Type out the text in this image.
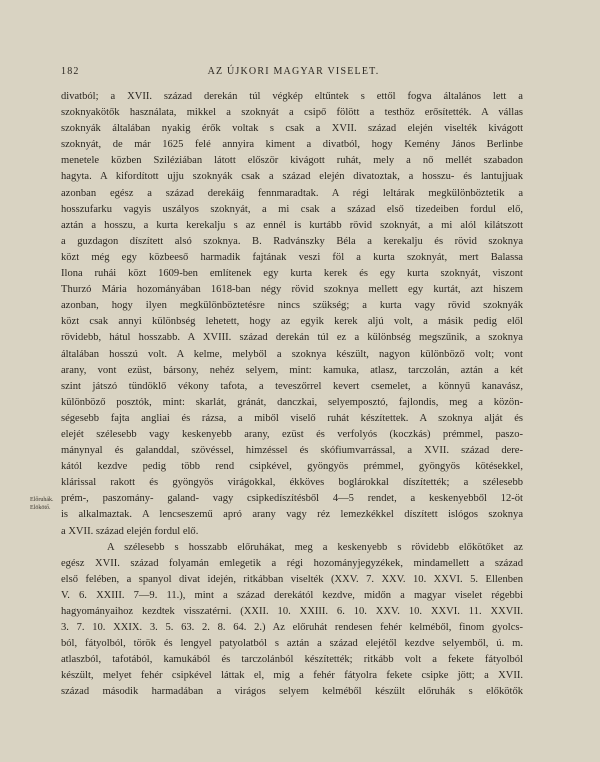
182	AZ ÚJKORI MAGYAR VISELET.
Előruhák.
Elökötő.
divatból; a XVII. század derekán túl végkép eltűntek s ettől fogva általános lett a
szoknyakötők használata, mikkel a szoknyát a csipő fölött a testhöz erősítették. A vállas
szoknyák általában nyakig érők voltak s csak a XVII. század elején viselték kivágott
szoknyát, de már 1625 felé annyira kiment a divatból, hogy Kemény János Berlinbe
menetele közben Sziléziában látott először kivágott ruhát, mely a nő mellét szabadon
hagyta. A kifordított ujju szoknyák csak a század elején divatoztak, a hosszu- és lantujjuak
azonban egész a század derekáig fennmaradtak. A régi leltárak megkülönböztetik a
hosszufarku vagyis uszályos szoknyát, a mi csak a század első tizedeiben fordul elő,
aztán a hosszu, a kurta kerekalju s az ennél is kurtább rövid szoknyát, a mi alól kilátszott
a guzdagon díszített alsó szoknya. B. Radvánszky Béla a kerekalju és rövid szoknya
közt még egy közbeeső harmadik fajtának veszi föl a kurta szoknyát, mert Balassa
Ilona ruhái közt 1609-ben említenek egy kurta kerek és egy kurta szoknyát, viszont
Thurzó Mária hozományában 1618-ban négy rövid szoknya mellett egy kurtát, azt hiszem
azonban, hogy ilyen megkülönböztetésre nincs szükség; a kurta vagy rövid szoknyák
közt csak annyi különbség lehetett, hogy az egyik kerek aljú volt, a másik pedig elől
rövidebb, hátul hosszabb. A XVIII. század derekán túl ez a különbség megszűnik, a szoknya
általában hosszú volt. A kelme, melyből a szoknya készült, nagyon különböző volt; vont
arany, vont ezüst, bársony, nehéz selyem, mint: kamuka, atlasz, tarczolán, aztán a két
szint játszó tündöklő vékony tafota, a teveszőrrel kevert csemelet, a könnyű kanavász,
különböző posztók, mint: skarlát, gránát, danczkai, selyemposztó, fajlondis, meg a közön-
ségesebb fajta angliai és rázsa, a miből viselő ruhát készítettek. A szoknya alját és
elejét szélesebb vagy keskenyebb arany, ezüst és verfolyós (koczkás) prémmel, paszo-
mánynyal és galanddal, szövéssel, himzéssel és skófiumvarrással, a XVII. század dere-
kától kezdve pedig több rend csipkével, gyöngyös prémmel, gyöngyös kötésekkel,
klárissal rakott és gyöngyös virágokkal, ékköves boglárokkal díszítették; a szélesebb
prém-, paszomány- galand- vagy csipkedíszítésből 4—5 rendet, a keskenyebből 12-öt
is alkalmaztak. A lencseszemű apró arany vagy réz lemezkékkel díszített islógos szoknya
a XVII. század elején fordul elő.
A szélesebb s hosszabb előruhákat, meg a keskenyebb s rövidebb előkötőket az
egész XVII. század folyamán emlegetik a régi hozományjegyzékek, mindamellett a század
első felében, a spanyol divat idején, ritkábban viselték (XXV. 7. XXV. 10. XXVI. 5. Ellenben
V. 6. XXIII. 7—9. 11.), mint a század derekától kezdve, midőn a magyar viselet régebbi
hagyományaihoz kezdtek visszatérni. (XXII. 10. XXIII. 6. 10. XXV. 10. XXVI. 11. XXVII.
3. 7. 10. XXIX. 3. 5. 63. 2. 8. 64. 2.) Az előruhát rendesen fehér kelméből, finom gyolcs-
ból, fátyolból, török és lengyel patyolatból s aztán a század elejétől kezdve selyemből, ú. m.
atlaszból, tafotából, kamukából és tarczolánból készítették; ritkább volt a fekete fátyolból
készült, melyet fehér csipkével láttak el, mig a fehér fátyolra fekete csipke jött; a XVII.
század második harmadában a virágos selyem kelméből készült előruhák s előkötők
